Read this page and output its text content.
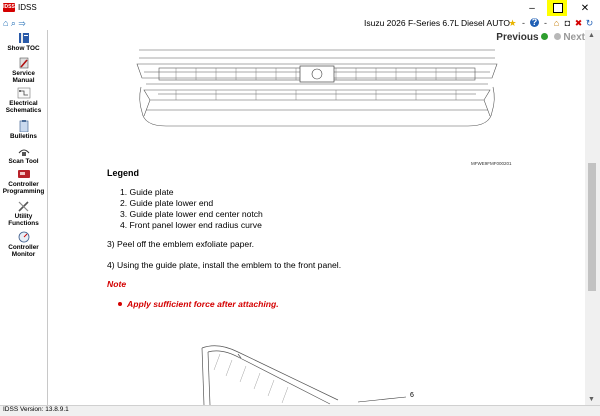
IDSS IDSS	–	✕
⌂ ⌕ ⇒	Isuzu 2026 F-Series 6.7L Diesel AUTO
★ - ? - ⌂ ◘ ✖ ↻
Show TOC
Service Manual
Electrical Schematics
Bulletins
Scan Tool
Controller Programming
Utility Functions
Controller Monitor
MFWE9FMF000201
Previous Next
Legend
1. Guide plate
2. Guide plate lower end
3. Guide plate lower end center notch
4. Front panel lower end radius curve
3) Peel off the emblem exfoliate paper.
4) Using the guide plate, install the emblem to the front panel.
Note
Apply sufficient force after attaching.
6
▲
▼
IDSS Version: 13.8.9.1
